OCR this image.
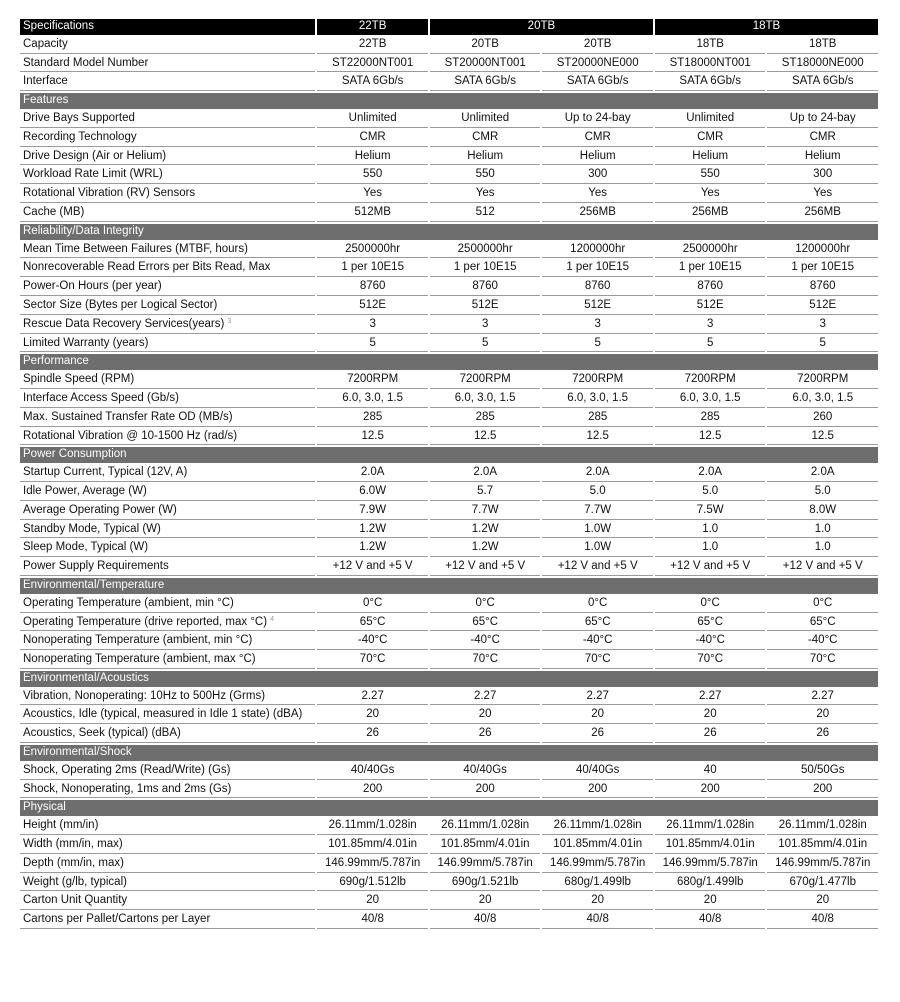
Specifications	22TB	20TB		18TB	
Capacity	22TB	20TB	20TB	18TB	18TB
Standard Model Number	ST22000NT001	ST20000NT001	ST20000NE000	ST18000NT001	ST18000NE000
Interface	SATA 6Gb/s	SATA 6Gb/s	SATA 6Gb/s	SATA 6Gb/s	SATA 6Gb/s
Features					
Drive Bays Supported	Unlimited	Unlimited	Up to 24-bay	Unlimited	Up to 24-bay
Recording Technology	CMR	CMR	CMR	CMR	CMR
Drive Design (Air or Helium)	Helium	Helium	Helium	Helium	Helium
Workload Rate Limit (WRL)	550	550	300	550	300
Rotational Vibration (RV) Sensors	Yes	Yes	Yes	Yes	Yes
Cache (MB)	512MB	512	256MB	256MB	256MB
Reliability/Data Integrity					
Mean Time Between Failures (MTBF, hours)	2500000hr	2500000hr	1200000hr	2500000hr	1200000hr
Nonrecoverable Read Errors per Bits Read, Max	1 per 10E15	1 per 10E15	1 per 10E15	1 per 10E15	1 per 10E15
Power-On Hours (per year)	8760	8760	8760	8760	8760
Sector Size (Bytes per Logical Sector)	512E	512E	512E	512E	512E
Rescue Data Recovery Services(years) $^3$	3	3	3	3	3
Limited Warranty (years)	5	5	5	5	5
Performance					
Spindle Speed (RPM)	7200RPM	7200RPM	7200RPM	7200RPM	7200RPM
Interface Access Speed (Gb/s)	6.0, 3.0, 1.5	6.0, 3.0, 1.5	6.0, 3.0, 1.5	6.0, 3.0, 1.5	6.0, 3.0, 1.5
Max. Sustained Transfer Rate OD (MB/s)	285	285	285	285	260
Rotational Vibration @ 10-1500 Hz (rad/s)	12.5	12.5	12.5	12.5	12.5
Power Consumption					
Startup Current, Typical (12V, A)	2.0A	2.0A	2.0A	2.0A	2.0A
Idle Power, Average (W)	6.0W	5.7	5.0	5.0	5.0
Average Operating Power (W)	7.9W	7.7W	7.7W	7.5W	8.0W
Standby Mode, Typical (W)	1.2W	1.2W	1.0W	1.0	1.0
Sleep Mode, Typical (W)	1.2W	1.2W	1.0W	1.0	1.0
Power Supply Requirements	+12 V and +5 V	+12 V and +5 V	+12 V and +5 V	+12 V and +5 V	+12 V and +5 V
Environmental/Temperature					
Operating Temperature (ambient, min °C)	0°C	0°C	0°C	0°C	0°C
Operating Temperature (drive reported, max °C) $^4$	65°C	65°C	65°C	65°C	65°C
Nonoperating Temperature (ambient, min °C)	-40°C	-40°C	-40°C	-40°C	-40°C
Nonoperating Temperature (ambient, max °C)	70°C	70°C	70°C	70°C	70°C
Environmental/Acoustics					
Vibration, Nonoperating: 10Hz to 500Hz (Grms)	2.27	2.27	2.27	2.27	2.27
Acoustics, Idle (typical, measured in Idle 1 state) (dBA)	20	20	20	20	20
Acoustics, Seek (typical) (dBA)	26	26	26	26	26
Environmental/Shock					
Shock, Operating 2ms (Read/Write) (Gs)	40/40Gs	40/40Gs	40/40Gs	40	50/50Gs
Shock, Nonoperating, 1ms and 2ms (Gs)	200	200	200	200	200
Physical					
Height (mm/in)	26.11mm/1.028in	26.11mm/1.028in	26.11mm/1.028in	26.11mm/1.028in	26.11mm/1.028in
Width (mm/in, max)	101.85mm/4.01in	101.85mm/4.01in	101.85mm/4.01in	101.85mm/4.01in	101.85mm/4.01in
Depth (mm/in, max)	146.99mm/5.787in	146.99mm/5.787in	146.99mm/5.787in	146.99mm/5.787in	146.99mm/5.787in
Weight (g/lb, typical)	690g/1.512lb	690g/1.521lb	680g/1.499lb	680g/1.499lb	670g/1.477lb
Carton Unit Quantity	20	20	20	20	20
Cartons per Pallet/Cartons per Layer	40/8	40/8	40/8	40/8	40/8
